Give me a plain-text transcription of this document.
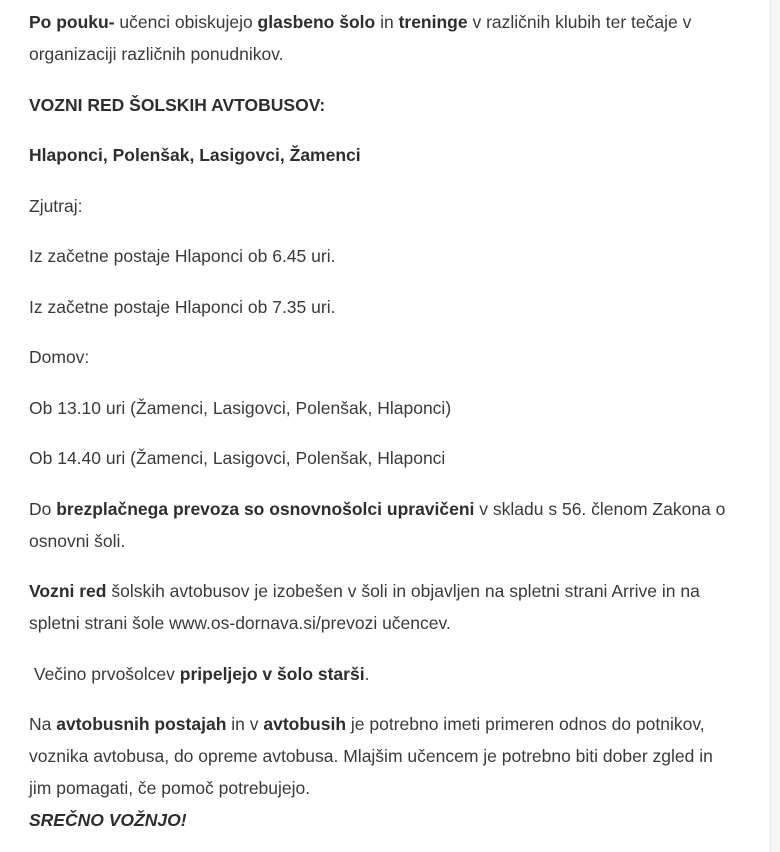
Po pouku- učenci obiskujejo glasbeno šolo in treninge v različnih klubih ter tečaje v organizaciji različnih ponudnikov.

VOZNI RED ŠOLSKIH AVTOBUSOV:

Hlaponci, Polenšak, Lasigovci, Žamenci

Zjutraj:

Iz začetne postaje Hlaponci ob 6.45 uri.

Iz začetne postaje Hlaponci ob 7.35 uri.

Domov:

Ob 13.10 uri (Žamenci, Lasigovci, Polenšak, Hlaponci)

Ob 14.40 uri (Žamenci, Lasigovci, Polenšak, Hlaponci

Do brezplačnega prevoza so osnovnošolci upravičeni v skladu s 56. členom Zakona o osnovni šoli.

Vozni red šolskih avtobusov je izobešen v šoli in objavljen na spletni strani Arrive in na spletni strani šole www.os-dornava.si/prevozi učencev.

Večino prvošolcev pripeljejo v šolo starši.

Na avtobusnih postajah in v avtobusih je potrebno imeti primeren odnos do potnikov, voznika avtobusa, do opreme avtobusa. Mlajšim učencem je potrebno biti dober zgled in jim pomagati, če pomoč potrebujejo.

SREČNO VOŽNJO!
